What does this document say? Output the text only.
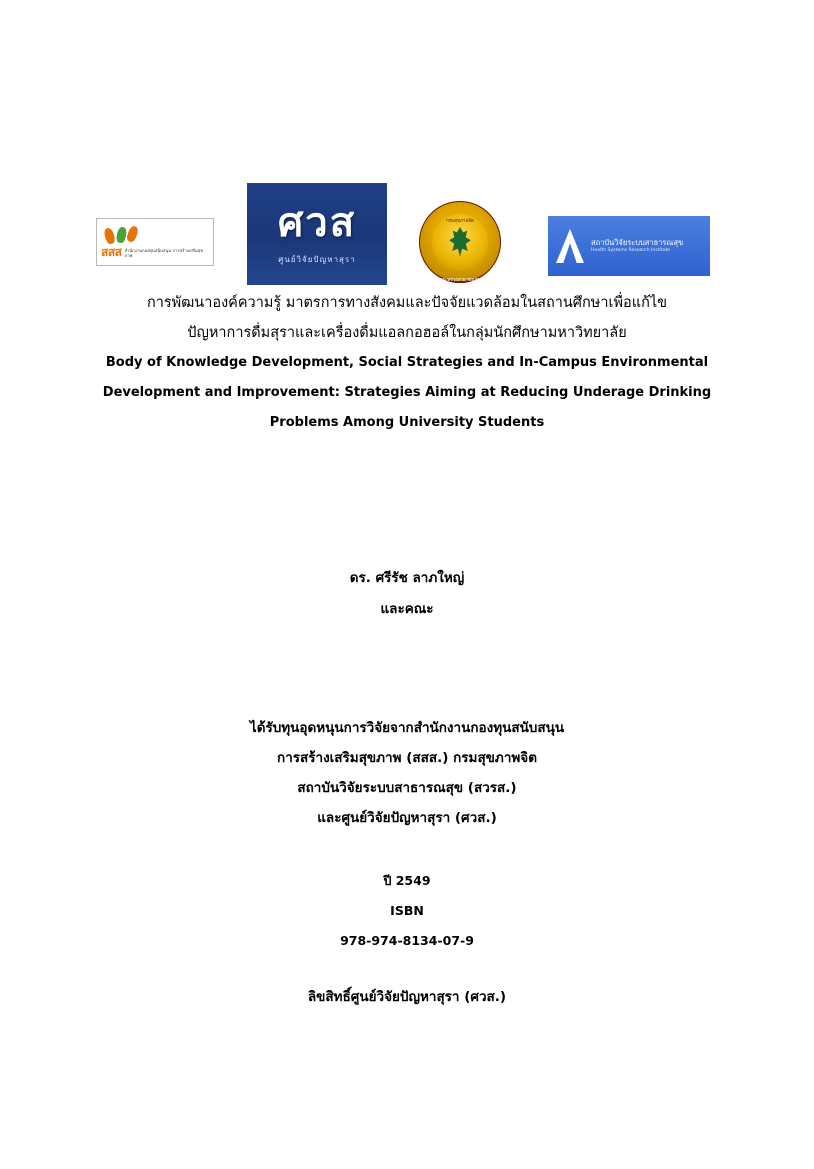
สสส สำนักงานกองทุนสนับสนุน การสร้างเสริมสุขภาพ
ศวส
ศูนย์วิจัยปัญหาสุรา
กรมสุขภาพจิต
กระทรวงสาธารณสุข
สถาบันวิจัยระบบสาธารณสุข
Health Systems Research Institute
การพัฒนาองค์ความรู้ มาตรการทางสังคมและปัจจัยแวดล้อมในสถานศึกษาเพื่อแก้ไข
ปัญหาการดื่มสุราและเครื่องดื่มแอลกอฮอล์ในกลุ่มนักศึกษามหาวิทยาลัย
Body of Knowledge Development, Social Strategies and In-Campus Environmental
Development and Improvement: Strategies Aiming at Reducing Underage Drinking
Problems Among University Students
ดร. ศรีรัช ลาภใหญ่
และคณะ
ได้รับทุนอุดหนุนการวิจัยจากสำนักงานกองทุนสนับสนุน
การสร้างเสริมสุขภาพ (สสส.) กรมสุขภาพจิต
สถาบันวิจัยระบบสาธารณสุข (สวรส.)
และศูนย์วิจัยปัญหาสุรา (ศวส.)
ปี 2549
ISBN
978-974-8134-07-9
ลิขสิทธิ์ศูนย์วิจัยปัญหาสุรา (ศวส.)
